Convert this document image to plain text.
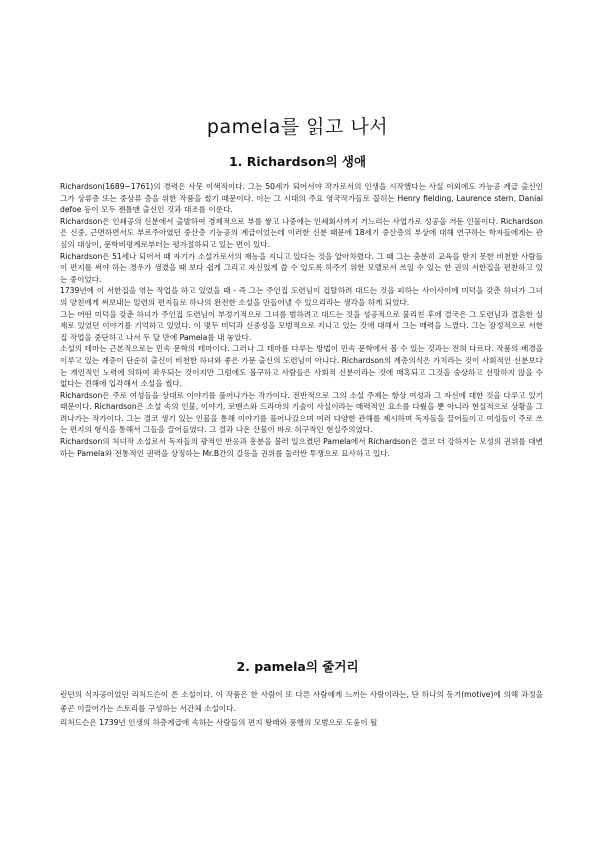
pamela를 읽고 나서
1. Richardson의 생애

Richardson(1689~1761)의 경력은 사뭇 이색적이다. 그는 50세가 되어서야 작가로서의 인생을 시작했다는 사실 이외에도 가능공 계급 출신인 그가 상류층 또는 중상류 층을 위한 작품을 썼기 때문이다. 이는 그 시대의 주요 영국작가들로 꼽히는 Henry fielding, Laurence stern, Danial defoe 등이 모두 젠틀맨 출신인 것과 대조를 이룬다.

Richardson은 인쇄공의 신분에서 출발하여 경제적으로 부를 쌓고 나중에는 인쇄회사까지 거느리는 사업가로 성공을 거둔 인물이다. Richardson은 신중, 근면하면서도 부르주아였던 중산층 기능공의 계급이었는데 이러한 신분 때문에 18세기 중산층의 부상에 대해 연구하는 학자들에게는 관심의 대상이, 문학비평계로부터는 평가절하되고 있는 면이 있다.

Richardson은 51세나 되어서 때 자기가 소설가로서의 재능을 지니고 있다는 것을 알아차렸다. 그 때 그는 충분히 교육을 받지 못한 비천한 사람들이 편지를 써야 하는 경우가 생겼을 때 보다 쉽게 그리고 자신있게 쓸 수 있도록 하주기 위한 모델로서 쓰일 수 있는 한 권의 서한집을 편찬하고 있는 중이었다.

1739년에 이 서한집을 엮는 작업을 하고 있었을 때 - 즉 그는 주인집 도련님이 겁탈하려 대드는 것을 피하는 사이사이에 미덕을 갖춘 하녀가 그녀의 양친에게 써보내는 일련의 편지들로 하나의 완전한 소설을 만들어낼 수 있으리라는 생각을 하게 되었다.

그는 어떤 미덕을 갖춘 하녀가 주인집 도련님이 부정기적으로 그녀를 범하려고 대드는 것을 성공적으로 물리친 후에 결국은 그 도련님과 결혼한 실제로 있었던 이야기를 기억하고 있었다. 이 몇두 미덕과 신중성을 모범적으로 지니고 있는 것에 대해서 그는 매력을 느꼈다. 그는 잠정적으로 서한집 작업을 중단하고 나서 두 달 만에 Pamela를 내 놓았다.

소설의 테마는 근본적으로는 민속 문학의 테마이다. 그러나 그 테마를 다루는 방법이 민속 문학에서 볼 수 있는 것과는 전혀 다르다. 작품의 배경을 이루고 있는 계층이 단순히 출신이 비천한 하녀와 좋은 가문 출신의 도련님이 아니다. Richardson의 계층의식은 가치라는 것이 사회적인 신분보다는 개인적인 노력에 의하여 좌우되는 것이지만 그럼에도 불구하고 사람들은 사회적 신분이라는 것에 매혹되고 그것을 숭상하고 선망하지 않을 수 없다는 견해에 입각해서 소설을 썼다.

Richardson은 주로 여성들을 상대로 이야기를 풀어나가는 작가이다. 전반적으로 그의 소설 주제는 항상 여성과 그 자신에 대한 것을 다루고 있기 때문이다. Richardson은 소설 속의 인물, 이야기, 로맨스와 드라마의 기술이 사실이라는 매력적인 요소를 다뤘을 뿐 아니라 현실적으로 상황을 그려나가는 작가이다. 그는 결코 생기 있는 인물을 통해 이야기를 풀어나갔으며 여러 다양한 관해를 제시하며 독자들을 끌어들이고 여성들이 주로 쓰는 편지의 형식을 통해서 그들을 끌어들였다. 그 결과 나온 산물이 바로 허구적인 현실주의였다.

Richardson의 처녀작 소설로서 독자들의 광적인 반응과 흥분을 불러 일으켰던 Pamela에서 Richardson은 결코 더 강하지는 모성의 권위를 대변하는 Pamela와 전통적인 권력을 상징하는 Mr.B간의 갈등을 권위를 둘러싼 투쟁으로 묘사하고 있다.

2. pamela의 줄거리

런던의 식자공이었던 리처드슨이 쓴 소설이다. 이 작품은 한 사람이 또 다른 사람에게 느끼는 사랑이라는, 단 하나의 동기(motive)에 의해 과정을 좋곤 이끌어가는 스토리를 구성하는 서간체 소설이다.

리처드슨은 1739년 인생의 하층계급에 속하는 사람들의 편지 왕래와 풍행의 모범으로 도움이 될
